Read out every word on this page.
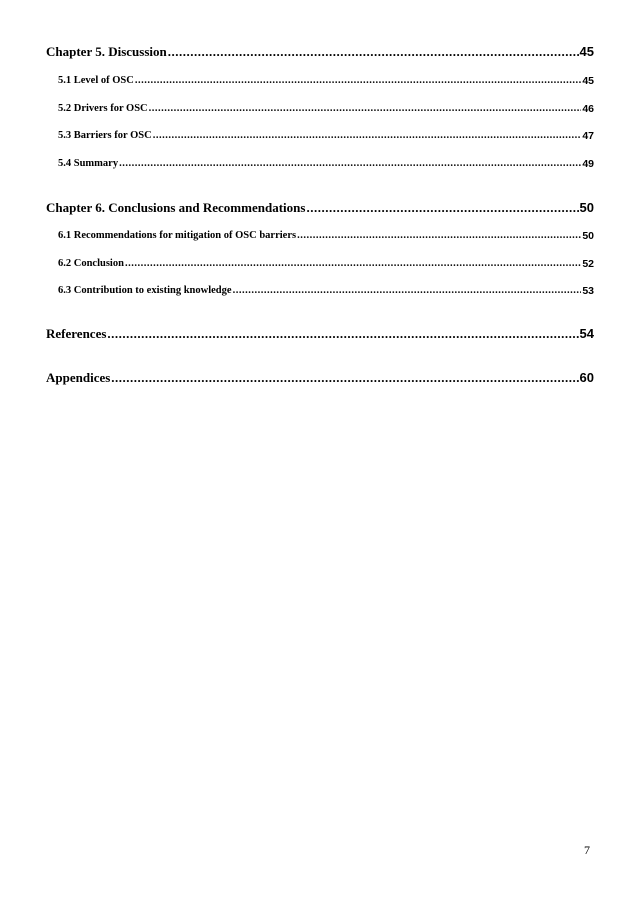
Chapter 5. Discussion .....	45
5.1 Level of OSC .....	45
5.2 Drivers for OSC .....	46
5.3 Barriers for OSC .....	47
5.4 Summary .....	49
Chapter 6. Conclusions and Recommendations .....	50
6.1 Recommendations for mitigation of OSC barriers .....	50
6.2 Conclusion .....	52
6.3 Contribution to existing knowledge .....	53
References .....	54
Appendices .....	60
7
